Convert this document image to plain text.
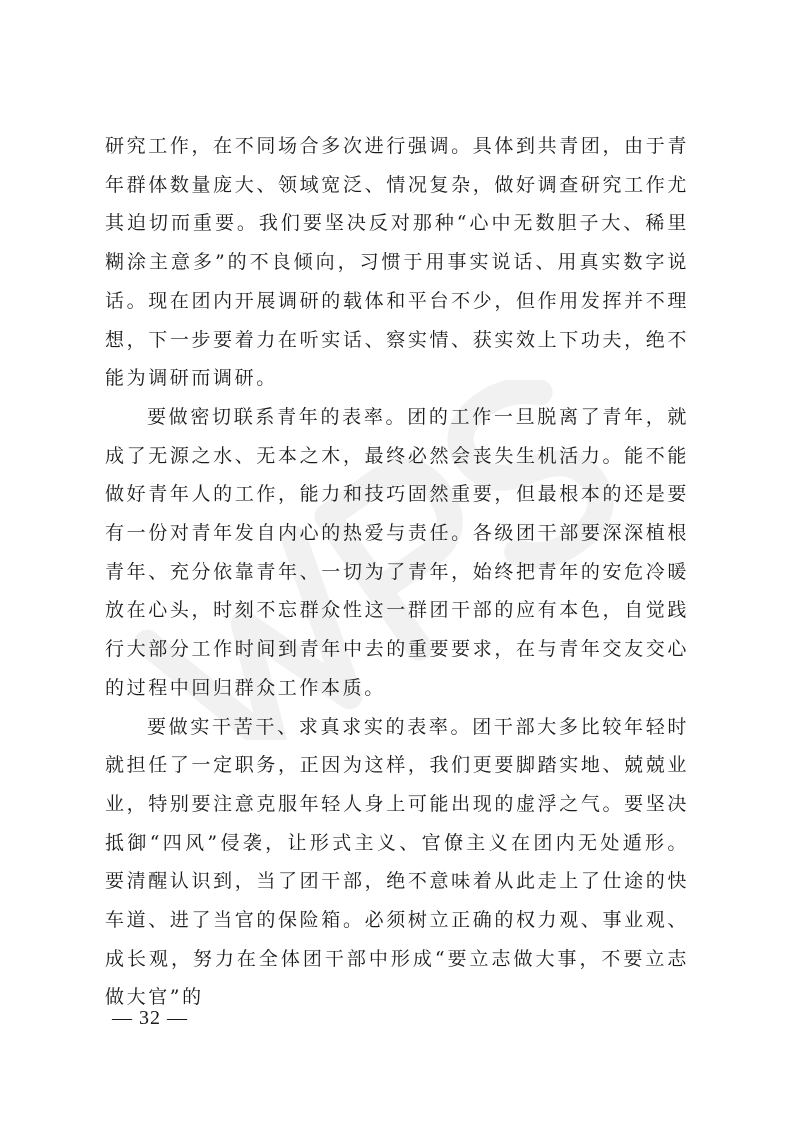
研究工作，在不同场合多次进行强调。具体到共青团，由于青年群体数量庞大、领域宽泛、情况复杂，做好调查研究工作尤其迫切而重要。我们要坚决反对那种“心中无数胆子大、稀里糊涂主意多”的不良倾向，习惯于用事实说话、用真实数字说话。现在团内开展调研的载体和平台不少，但作用发挥并不理想，下一步要着力在听实话、察实情、获实效上下功夫，绝不能为调研而调研。

要做密切联系青年的表率。团的工作一旦脱离了青年，就成了无源之水、无本之木，最终必然会丧失生机活力。能不能做好青年人的工作，能力和技巧固然重要，但最根本的还是要有一份对青年发自内心的热爱与责任。各级团干部要深深植根青年、充分依靠青年、一切为了青年，始终把青年的安危冷暖放在心头，时刻不忘群众性这一群团干部的应有本色，自觉践行大部分工作时间到青年中去的重要要求，在与青年交友交心的过程中回归群众工作本质。

要做实干苦干、求真求实的表率。团干部大多比较年轻时就担任了一定职务，正因为这样，我们更要脚踏实地、兢兢业业，特别要注意克服年轻人身上可能出现的虚浮之气。要坚决抵御“四风”侵袭，让形式主义、官僚主义在团内无处遁形。要清醒认识到，当了团干部，绝不意味着从此走上了仕途的快车道、进了当官的保险箱。必须树立正确的权力观、事业观、成长观，努力在全体团干部中形成“要立志做大事，不要立志做大官”的

— 32 —
